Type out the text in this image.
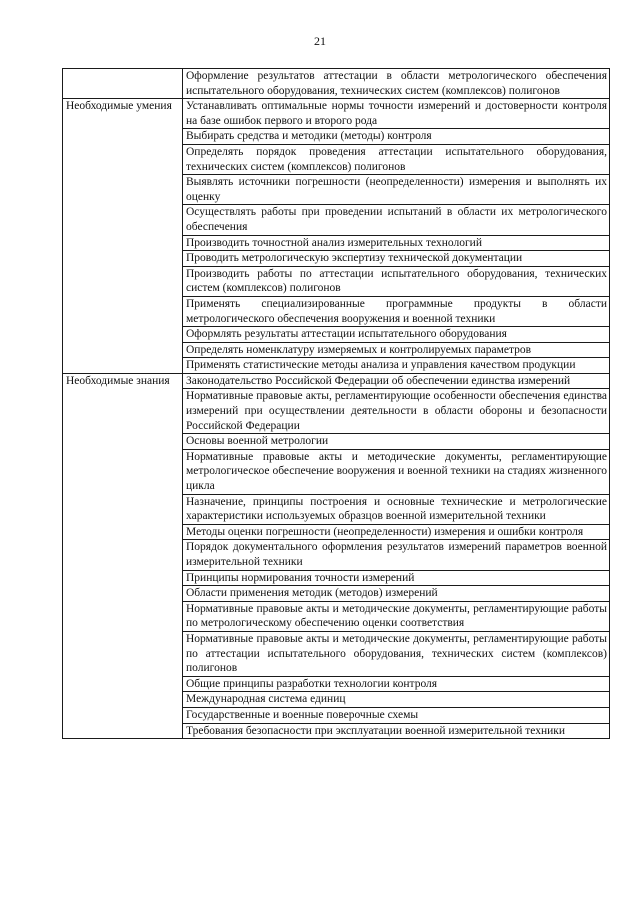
21

	Оформление результатов аттестации в области метрологического обеспечения испытательного оборудования, технических систем (комплексов) полигонов

Необходимые умения	Устанавливать оптимальные нормы точности измерений и достоверности контроля на базе ошибок первого и второго рода

	Выбирать средства и методики (методы) контроля

	Определять порядок проведения аттестации испытательного оборудования, технических систем (комплексов) полигонов

	Выявлять источники погрешности (неопределенности) измерения и выполнять их оценку

	Осуществлять работы при проведении испытаний в области их метрологического обеспечения

	Производить точностной анализ измерительных технологий

	Проводить метрологическую экспертизу технической документации

	Производить работы по аттестации испытательного оборудования, технических систем (комплексов) полигонов

	Применять специализированные программные продукты в области метрологического обеспечения вооружения и военной техники

	Оформлять результаты аттестации испытательного оборудования

	Определять номенклатуру измеряемых и контролируемых параметров

	Применять статистические методы анализа и управления качеством продукции

Необходимые знания	Законодательство Российской Федерации об обеспечении единства измерений

	Нормативные правовые акты, регламентирующие особенности обеспечения единства измерений при осуществлении деятельности в области обороны и безопасности Российской Федерации

	Основы военной метрологии

	Нормативные правовые акты и методические документы, регламентирующие метрологическое обеспечение вооружения и военной техники на стадиях жизненного цикла

	Назначение, принципы построения и основные технические и метрологические характеристики используемых образцов военной измерительной техники

	Методы оценки погрешности (неопределенности) измерения и ошибки контроля

	Порядок документального оформления результатов измерений параметров военной измерительной техники

	Принципы нормирования точности измерений

	Области применения методик (методов) измерений

	Нормативные правовые акты и методические документы, регламентирующие работы по метрологическому обеспечению оценки соответствия

	Нормативные правовые акты и методические документы, регламентирующие работы по аттестации испытательного оборудования, технических систем (комплексов) полигонов

	Общие принципы разработки технологии контроля

	Международная система единиц

	Государственные и военные поверочные схемы

	Требования безопасности при эксплуатации военной измерительной техники
